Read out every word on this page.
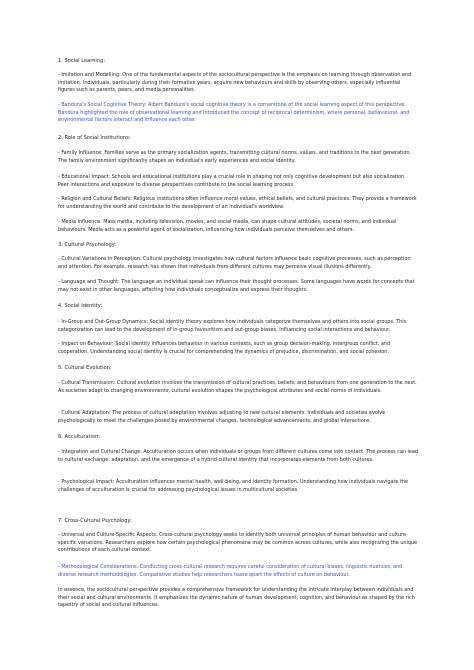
1. Social Learning:

- Imitation and Modelling: One of the fundamental aspects of the sociocultural perspective is the emphasis on learning through observation and imitation. Individuals, particularly during their formative years, acquire new behaviours and skills by observing others, especially influential figures such as parents, peers, and media personalities.

- Bandura's Social Cognitive Theory: Albert Bandura's social cognitive theory is a cornerstone of the social learning aspect of this perspective. Bandura highlighted the role of observational learning and introduced the concept of reciprocal determinism, where personal, behavioural, and environmental factors interact and influence each other.

2. Role of Social Institutions:

- Family Influence: Families serve as the primary socialization agents, transmitting cultural norms, values, and traditions to the next generation. The family environment significantly shapes an individual's early experiences and social identity.

- Educational Impact: Schools and educational institutions play a crucial role in shaping not only cognitive development but also socialization. Peer interactions and exposure to diverse perspectives contribute to the social learning process.

- Religion and Cultural Beliefs: Religious institutions often influence moral values, ethical beliefs, and cultural practices. They provide a framework for understanding the world and contribute to the development of an individual's worldview.

- Media Influence: Mass media, including television, movies, and social media, can shape cultural attitudes, societal norms, and individual behaviours. Media acts as a powerful agent of socialization, influencing how individuals perceive themselves and others.

3. Cultural Psychology:

- Cultural Variations in Perception: Cultural psychology investigates how cultural factors influence basic cognitive processes, such as perception and attention. For example, research has shown that individuals from different cultures may perceive visual illusions differently.

- Language and Thought: The language an individual speak can influence their thought processes. Some languages have words for concepts that may not exist in other languages, affecting how individuals conceptualize and express their thoughts.

4. Social Identity:

- In-Group and Out-Group Dynamics: Social identity theory explores how individuals categorize themselves and others into social groups. This categorization can lead to the development of in-group favouritism and out-group biases, influencing social interactions and behaviour.

- Impact on Behaviour: Social identity influences behaviour in various contexts, such as group decision-making, intergroup conflict, and cooperation. Understanding social identity is crucial for comprehending the dynamics of prejudice, discrimination, and social cohesion.

5. Cultural Evolution:

- Cultural Transmission: Cultural evolution involves the transmission of cultural practices, beliefs, and behaviours from one generation to the next. As societies adapt to changing environments, cultural evolution shapes the psychological attributes and social norms of individuals.

- Cultural Adaptation: The process of cultural adaptation involves adjusting to new cultural elements. Individuals and societies evolve psychologically to meet the challenges posed by environmental changes, technological advancements, and global interactions.

6. Acculturation:

- Integration and Cultural Change: Acculturation occurs when individuals or groups from different cultures come into contact. The process can lead to cultural exchange, adaptation, and the emergence of a hybrid cultural identity that incorporates elements from both cultures.

- Psychological Impact: Acculturation influences mental health, well-being, and identity formation. Understanding how individuals navigate the challenges of acculturation is crucial for addressing psychological issues in multicultural societies.

7. Cross-Cultural Psychology:

- Universal and Culture-Specific Aspects: Cross-cultural psychology seeks to identify both universal principles of human behaviour and culture-specific variations. Researchers explore how certain psychological phenomena may be common across cultures, while also recognizing the unique contributions of each cultural context.

- Methodological Considerations: Conducting cross-cultural research requires careful consideration of cultural biases, linguistic nuances, and diverse research methodologies. Comparative studies help researchers tease apart the effects of culture on behaviour.

In essence, the sociocultural perspective provides a comprehensive framework for understanding the intricate interplay between individuals and their social and cultural environments. It emphasizes the dynamic nature of human development, cognition, and behaviour as shaped by the rich tapestry of social and cultural influences.
